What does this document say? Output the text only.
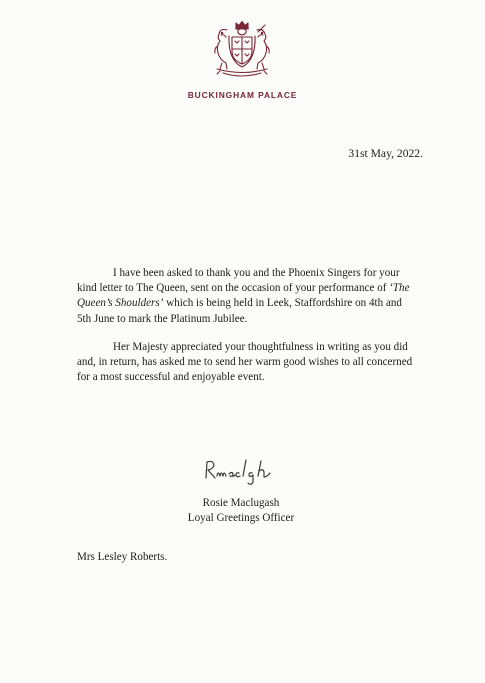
BUCKINGHAM PALACE
31st May, 2022.

I have been asked to thank you and the Phoenix Singers for your kind letter to The Queen, sent on the occasion of your performance of ‘The Queen’s Shoulders’ which is being held in Leek, Staffordshire on 4th and 5th June to mark the Platinum Jubilee.

Her Majesty appreciated your thoughtfulness in writing as you did and, in return, has asked me to send her warm good wishes to all concerned for a most successful and enjoyable event.

Rosie Maclugash
Loyal Greetings Officer
Mrs Lesley Roberts.
